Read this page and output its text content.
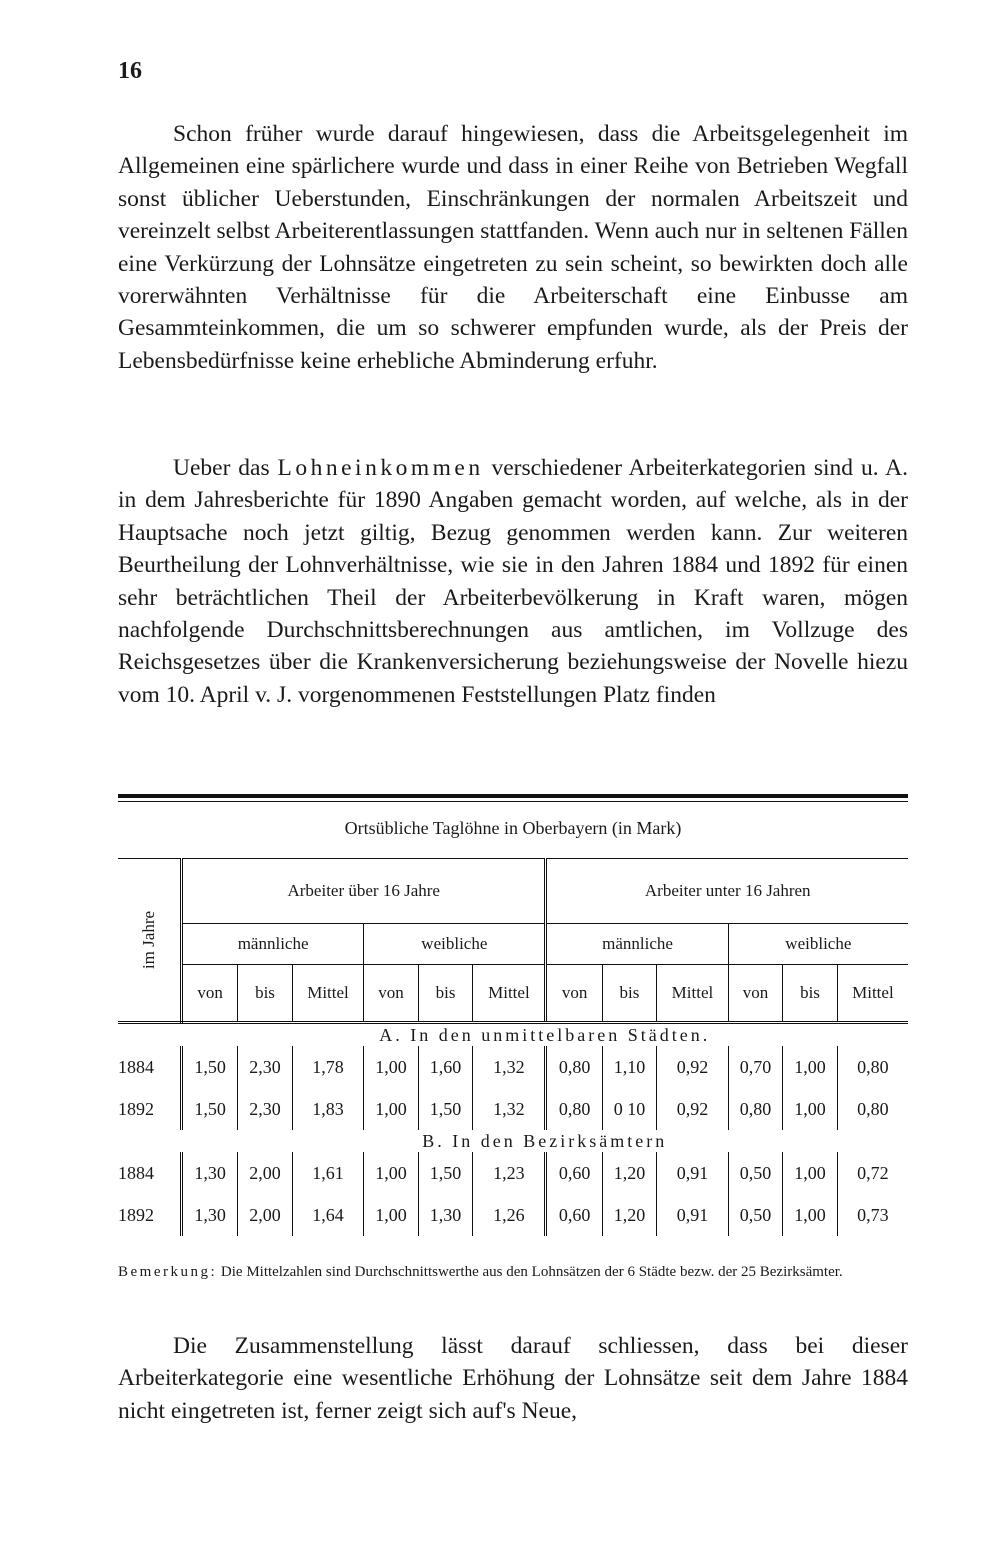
16

Schon früher wurde darauf hingewiesen, dass die Arbeitsgelegenheit im Allgemeinen eine spärlichere wurde und dass in einer Reihe von Betrieben Wegfall sonst üblicher Ueberstunden, Einschränkungen der normalen Arbeitszeit und vereinzelt selbst Arbeiterentlassungen stattfanden. Wenn auch nur in seltenen Fällen eine Verkürzung der Lohnsätze eingetreten zu sein scheint, so bewirkten doch alle vorerwähnten Verhältnisse für die Arbeiterschaft eine Einbusse am Gesammteinkommen, die um so schwerer empfunden wurde, als der Preis der Lebensbedürfnisse keine erhebliche Abminderung erfuhr.

Ueber das Lohneinkommen verschiedener Arbeiterkategorien sind u. A. in dem Jahresberichte für 1890 Angaben gemacht worden, auf welche, als in der Hauptsache noch jetzt giltig, Bezug genommen werden kann. Zur weiteren Beurtheilung der Lohnverhältnisse, wie sie in den Jahren 1884 und 1892 für einen sehr beträchtlichen Theil der Arbeiterbevölkerung in Kraft waren, mögen nachfolgende Durchschnittsberechnungen aus amtlichen, im Vollzuge des Reichsgesetzes über die Krankenversicherung beziehungsweise der Novelle hiezu vom 10. April v. J. vorgenommenen Feststellungen Platz finden

Ortsübliche Taglöhne in Oberbayern (in Mark)
im Jahre	Arbeiter über 16 Jahre						Arbeiter unter 16 Jahren					
	männliche			weibliche			männliche			weibliche		
	von	bis	Mittel	von	bis	Mittel	von	bis	Mittel	von	bis	Mittel
	A. In den unmittelbaren Städten.											
1884	1,50	2,30	1,78	1,00	1,60	1,32	0,80	1,10	0,92	0,70	1,00	0,80
1892	1,50	2,30	1,83	1,00	1,50	1,32	0,80	0 10	0,92	0,80	1,00	0,80
	B. In den Bezirksämtern											
1884	1,30	2,00	1,61	1,00	1,50	1,23	0,60	1,20	0,91	0,50	1,00	0,72
1892	1,30	2,00	1,64	1,00	1,30	1,26	0,60	1,20	0,91	0,50	1,00	0,73
Bemerkung: Die Mittelzahlen sind Durchschnittswerthe aus den Lohnsätzen der 6 Städte bezw. der 25 Bezirksämter.

Die Zusammenstellung lässt darauf schliessen, dass bei dieser Arbeiterkategorie eine wesentliche Erhöhung der Lohnsätze seit dem Jahre 1884 nicht eingetreten ist, ferner zeigt sich auf's Neue,
